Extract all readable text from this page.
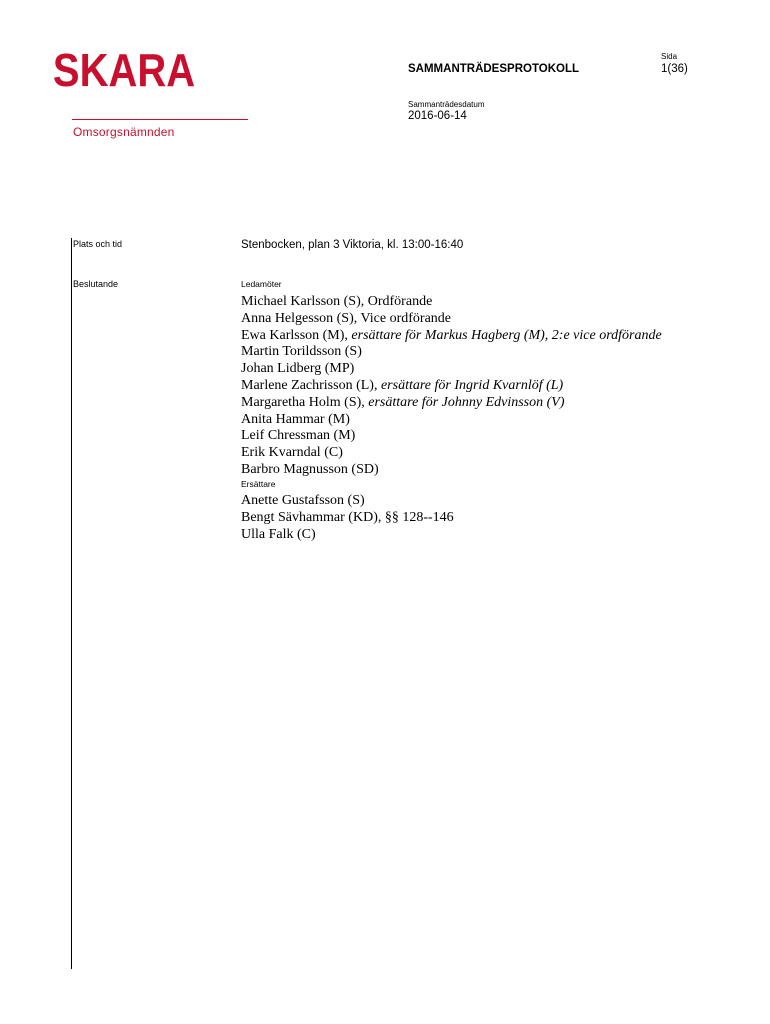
SKARA
Omsorgsnämnden
SAMMANTRÄDESPROTOKOLL
Sida
1(36)
Sammanträdesdatum
2016-06-14
Plats och tid	Stenbocken, plan 3 Viktoria, kl. 13:00-16:40
Beslutande	Ledamöter
Michael Karlsson (S), Ordförande
Anna Helgesson (S), Vice ordförande
Ewa Karlsson (M), ersättare för Markus Hagberg (M), 2:e vice ordförande
Martin Torildsson (S)
Johan Lidberg (MP)
Marlene Zachrisson (L), ersättare för Ingrid Kvarnlöf (L)
Margaretha Holm (S), ersättare för Johnny Edvinsson (V)
Anita Hammar (M)
Leif Chressman (M)
Erik Kvarndal (C)
Barbro Magnusson (SD)
Ersättare
Anette Gustafsson (S)
Bengt Sävhammar (KD), §§ 128--146
Ulla Falk (C)
